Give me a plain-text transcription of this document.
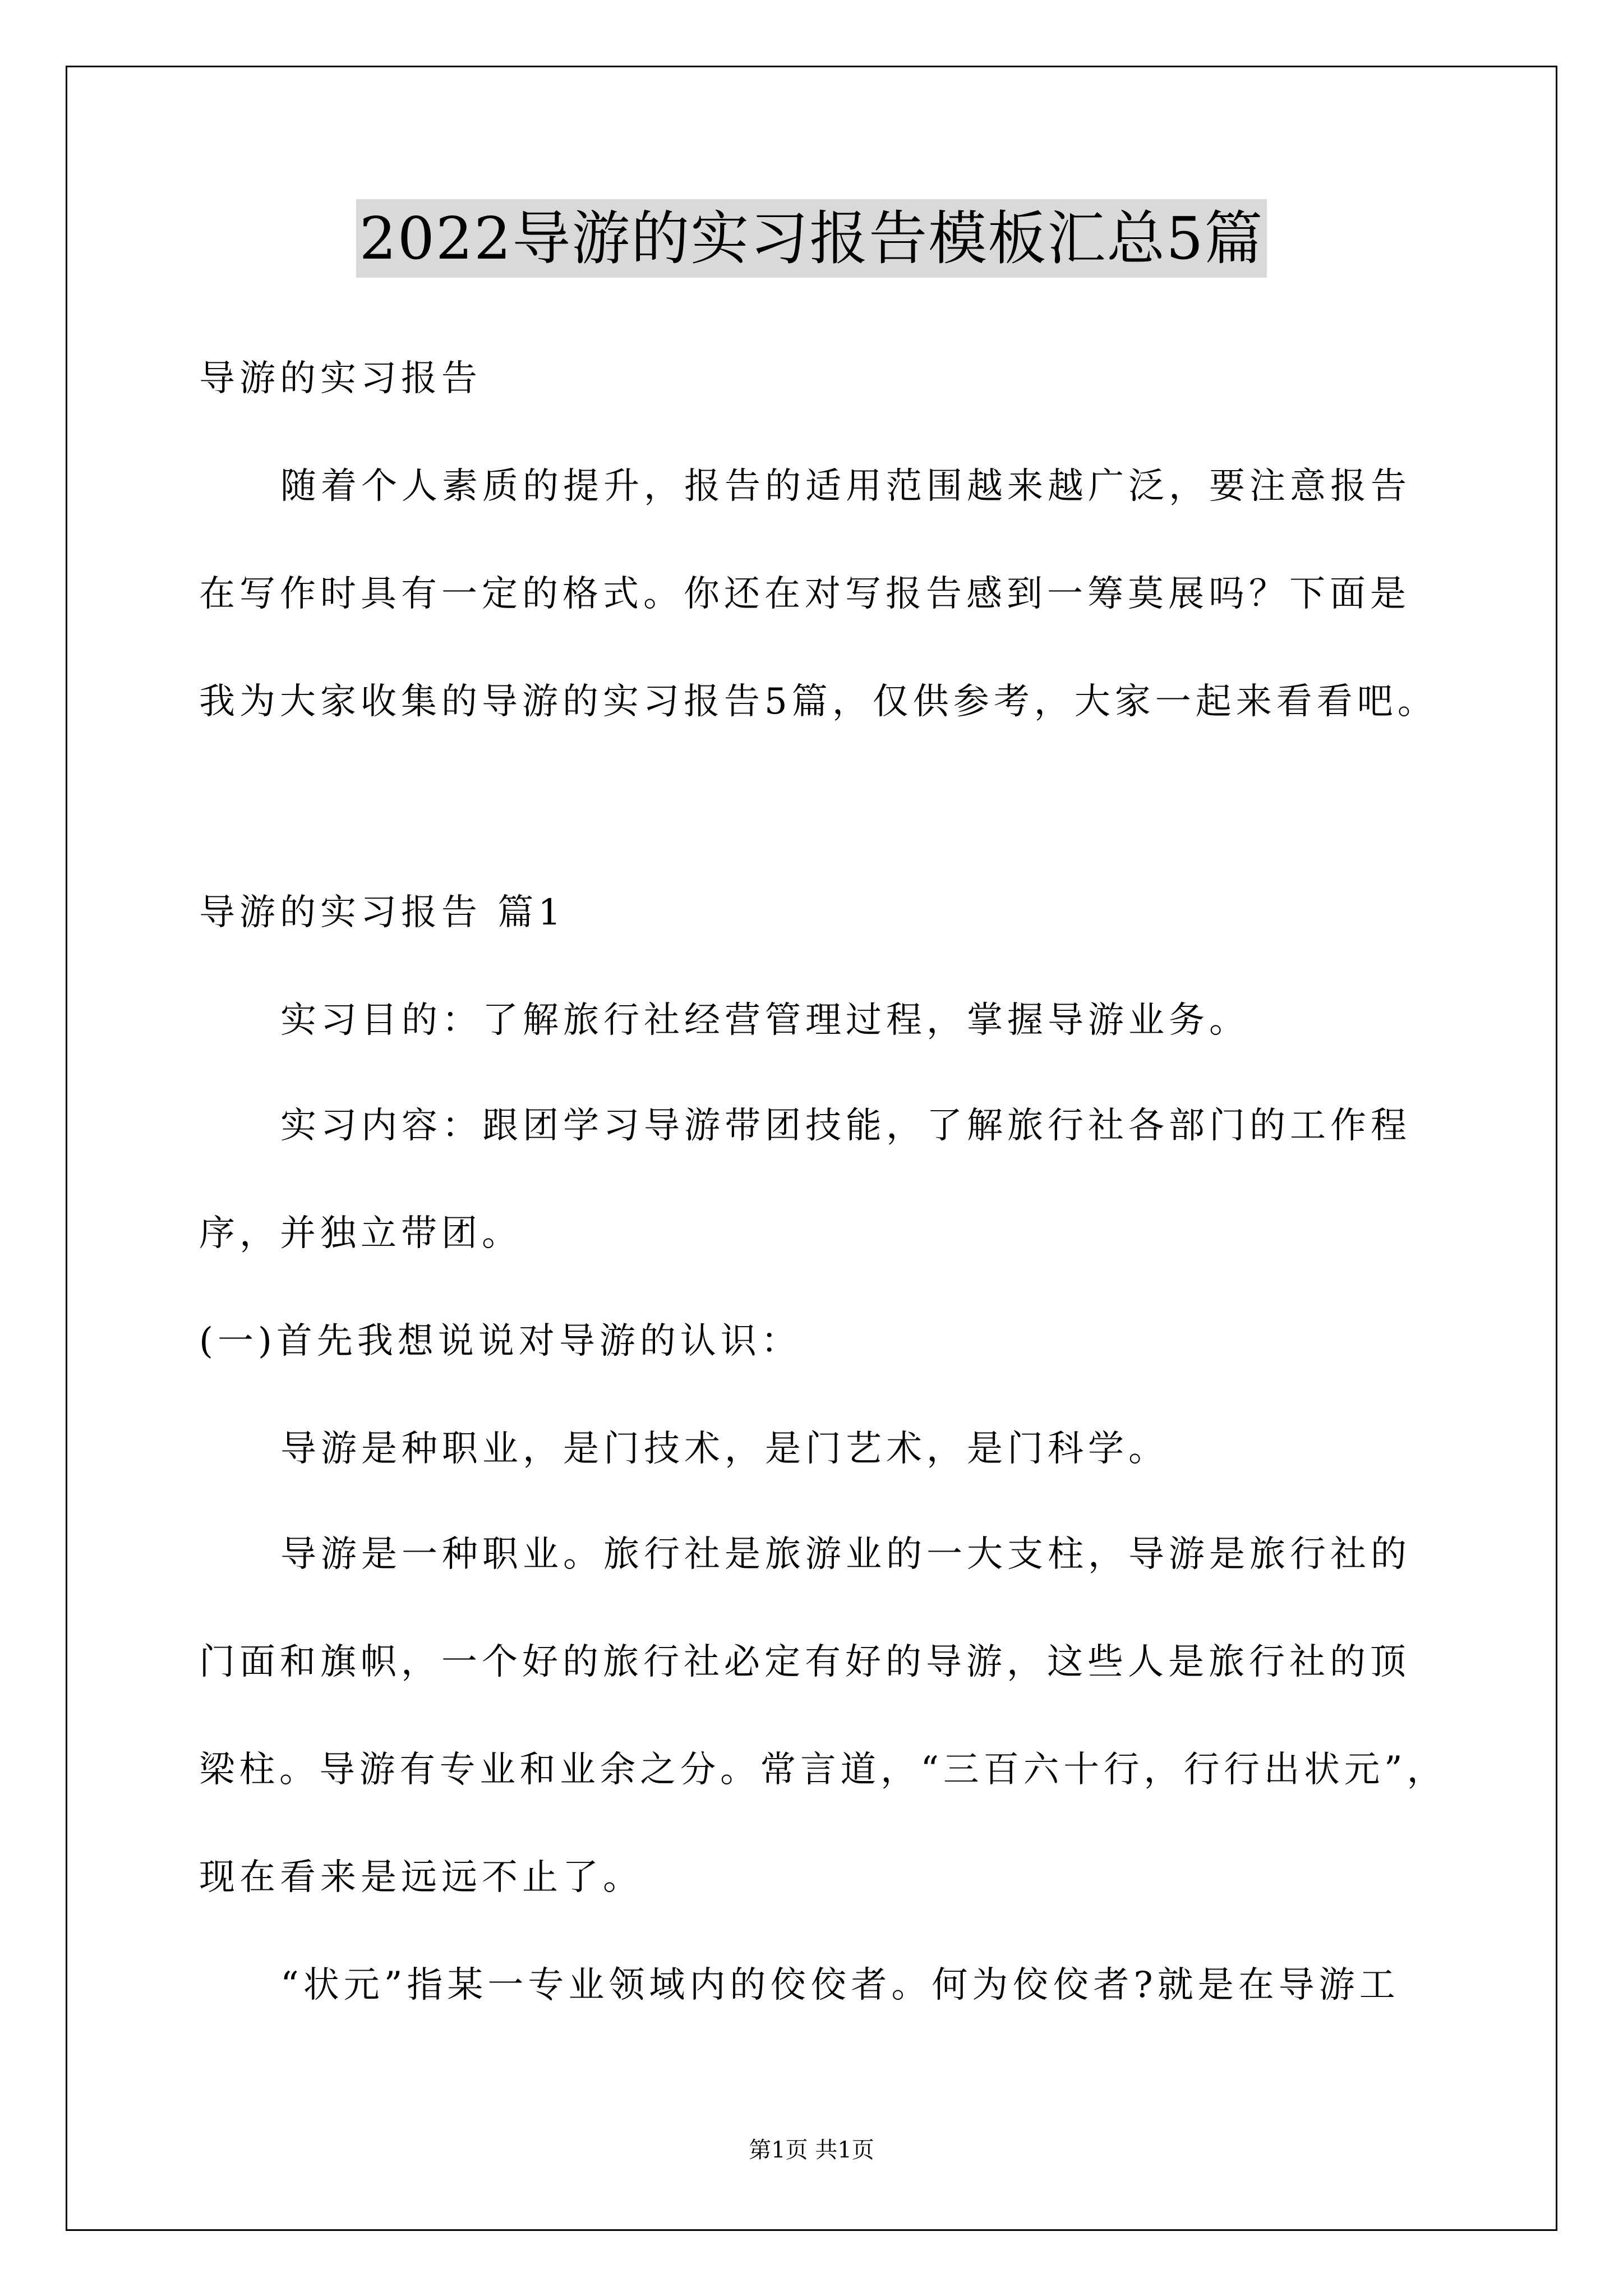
2022导游的实习报告模板汇总5篇
导游的实习报告
随着个人素质的提升，报告的适用范围越来越广泛，要注意报告
在写作时具有一定的格式。你还在对写报告感到一筹莫展吗？下面是
我为大家收集的导游的实习报告5篇，仅供参考，大家一起来看看吧。
导游的实习报告 篇1
实习目的：了解旅行社经营管理过程，掌握导游业务。
实习内容：跟团学习导游带团技能，了解旅行社各部门的工作程
序，并独立带团。
(一)首先我想说说对导游的认识：
导游是种职业，是门技术，是门艺术，是门科学。
导游是一种职业。旅行社是旅游业的一大支柱，导游是旅行社的
门面和旗帜，一个好的旅行社必定有好的导游，这些人是旅行社的顶
梁柱。导游有专业和业余之分。常言道，“三百六十行，行行出状元”，
现在看来是远远不止了。
“状元”指某一专业领域内的佼佼者。何为佼佼者?就是在导游工
第1页 共1页
